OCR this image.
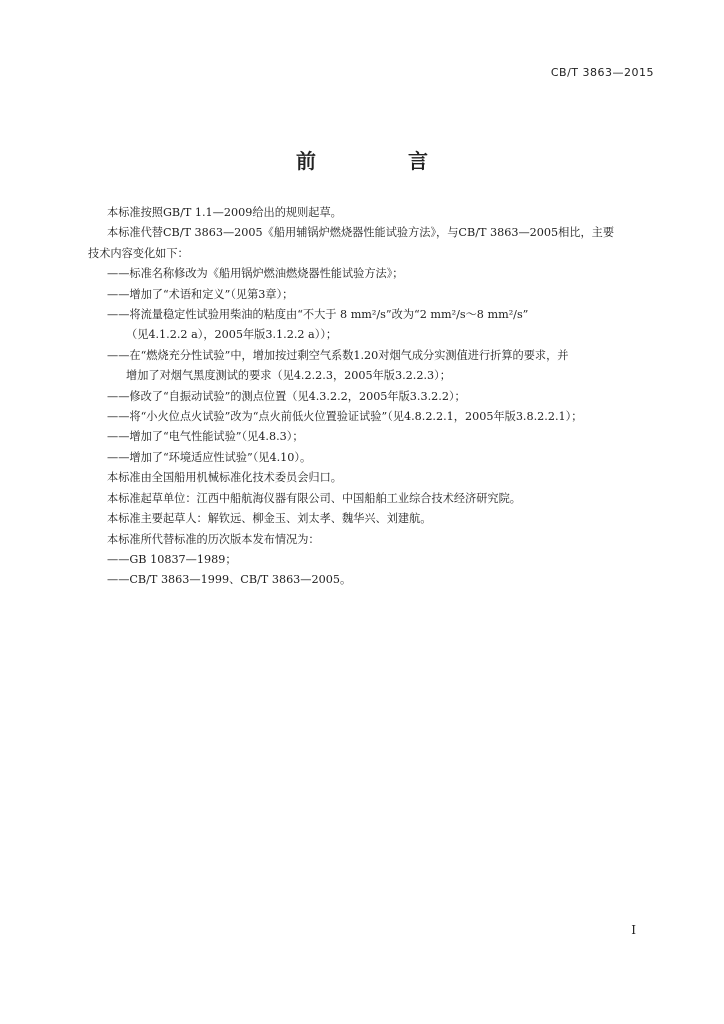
CB/T 3863—2015
前　言

本标准按照GB/T 1.1—2009给出的规则起草。

本标准代替CB/T 3863—2005《船用辅锅炉燃烧器性能试验方法》，与CB/T 3863—2005相比，主要

技术内容变化如下：

——标准名称修改为《船用锅炉燃油燃烧器性能试验方法》；

——增加了“术语和定义”（见第3章）；

——将流量稳定性试验用柴油的粘度由“不大于 8 mm²/s”改为“2 mm²/s～8 mm²/s”

（见4.1.2.2 a），2005年版3.1.2.2 a））；

——在“燃烧充分性试验”中，增加按过剩空气系数1.20对烟气成分实测值进行折算的要求，并

增加了对烟气黑度测试的要求（见4.2.2.3，2005年版3.2.2.3）；

——修改了“自振动试验”的测点位置（见4.3.2.2，2005年版3.3.2.2）；

——将“小火位点火试验”改为“点火前低火位置验证试验”（见4.8.2.2.1，2005年版3.8.2.2.1）；

——增加了“电气性能试验”（见4.8.3）；

——增加了“环境适应性试验”（见4.10）。

本标准由全国船用机械标准化技术委员会归口。

本标准起草单位：江西中船航海仪器有限公司、中国船舶工业综合技术经济研究院。

本标准主要起草人：解钦远、柳金玉、刘太孝、魏华兴、刘建航。

本标准所代替标准的历次版本发布情况为：

——GB 10837—1989；

——CB/T 3863—1999、CB/T 3863—2005。

I
